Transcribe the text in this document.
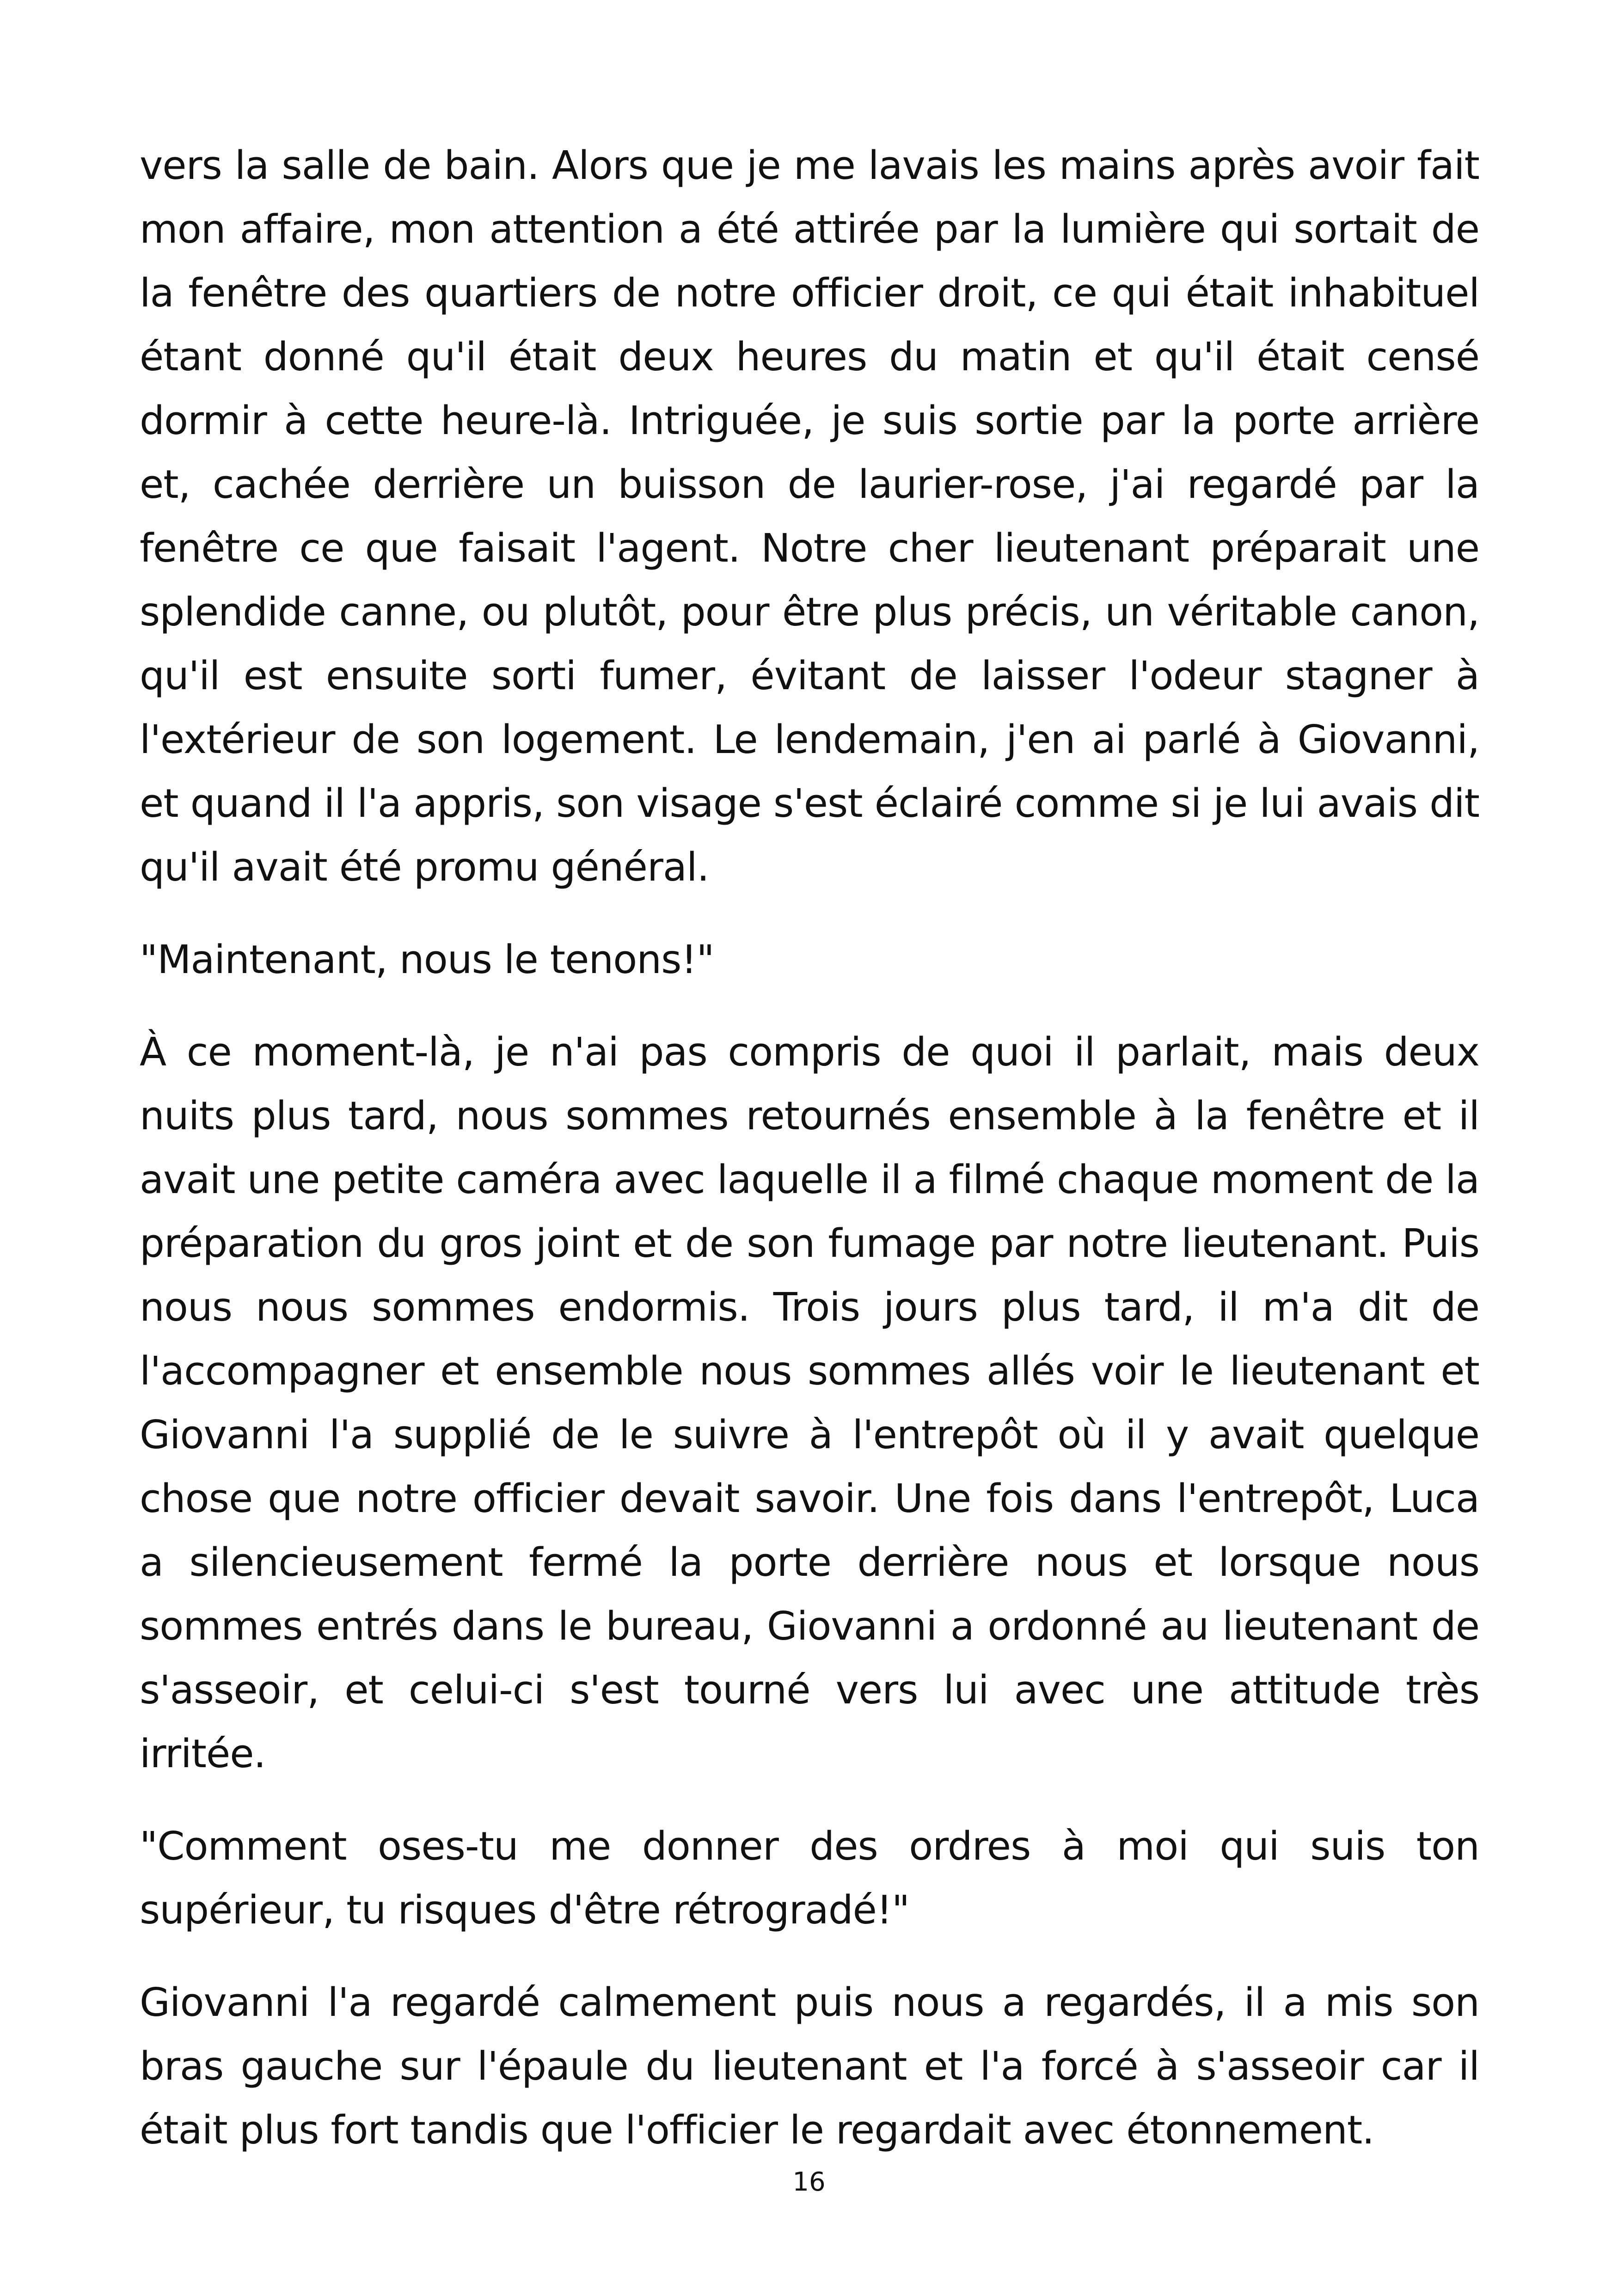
vers la salle de bain. Alors que je me lavais les mains après avoir fait mon affaire, mon attention a été attirée par la lumière qui sortait de la fenêtre des quartiers de notre officier droit, ce qui était inhabituel étant donné qu'il était deux heures du matin et qu'il était censé dormir à cette heure-là. Intriguée, je suis sortie par la porte arrière et, cachée derrière un buisson de laurier-rose, j'ai regardé par la fenêtre ce que faisait l'agent. Notre cher lieutenant préparait une splendide canne, ou plutôt, pour être plus précis, un véritable canon, qu'il est ensuite sorti fumer, évitant de laisser l'odeur stagner à l'extérieur de son logement. Le lendemain, j'en ai parlé à Giovanni, et quand il l'a appris, son visage s'est éclairé comme si je lui avais dit qu'il avait été promu général.

"Maintenant, nous le tenons!"

À ce moment-là, je n'ai pas compris de quoi il parlait, mais deux nuits plus tard, nous sommes retournés ensemble à la fenêtre et il avait une petite caméra avec laquelle il a filmé chaque moment de la préparation du gros joint et de son fumage par notre lieutenant. Puis nous nous sommes endormis. Trois jours plus tard, il m'a dit de l'accompagner et ensemble nous sommes allés voir le lieutenant et Giovanni l'a supplié de le suivre à l'entrepôt où il y avait quelque chose que notre officier devait savoir. Une fois dans l'entrepôt, Luca a silencieusement fermé la porte derrière nous et lorsque nous sommes entrés dans le bureau, Giovanni a ordonné au lieutenant de s'asseoir, et celui-ci s'est tourné vers lui avec une attitude très irritée.

"Comment oses-tu me donner des ordres à moi qui suis ton supérieur, tu risques d'être rétrogradé!"

Giovanni l'a regardé calmement puis nous a regardés, il a mis son bras gauche sur l'épaule du lieutenant et l'a forcé à s'asseoir car il était plus fort tandis que l'officier le regardait avec étonnement.

16
